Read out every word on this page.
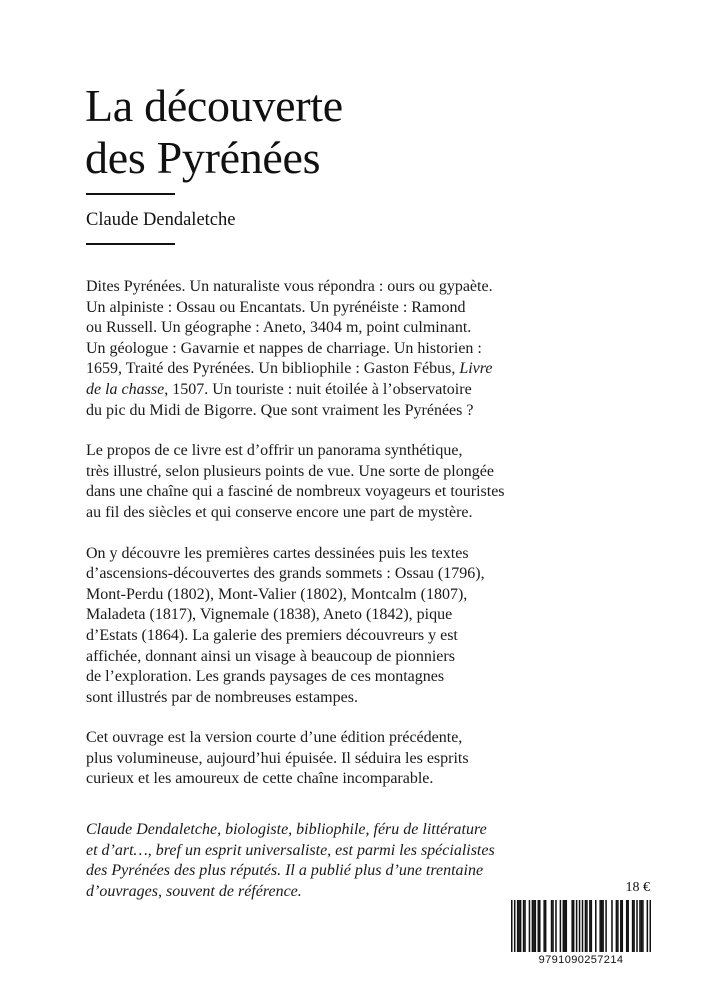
La découverte
des Pyrénées
Claude Dendaletche

Dites Pyrénées. Un naturaliste vous répondra : ours ou gypaète.
Un alpiniste : Ossau ou Encantats. Un pyrénéiste : Ramond
ou Russell. Un géographe : Aneto, 3404 m, point culminant.
Un géologue : Gavarnie et nappes de charriage. Un historien :
1659, Traité des Pyrénées. Un bibliophile : Gaston Fébus, Livre
de la chasse, 1507. Un touriste : nuit étoilée à l’observatoire
du pic du Midi de Bigorre. Que sont vraiment les Pyrénées ?

Le propos de ce livre est d’offrir un panorama synthétique,
très illustré, selon plusieurs points de vue. Une sorte de plongée
dans une chaîne qui a fasciné de nombreux voyageurs et touristes
au fil des siècles et qui conserve encore une part de mystère.

On y découvre les premières cartes dessinées puis les textes
d’ascensions-découvertes des grands sommets : Ossau (1796),
Mont-Perdu (1802), Mont-Valier (1802), Montcalm (1807),
Maladeta (1817), Vignemale (1838), Aneto (1842), pique
d’Estats (1864). La galerie des premiers découvreurs y est
affichée, donnant ainsi un visage à beaucoup de pionniers
de l’exploration. Les grands paysages de ces montagnes
sont illustrés par de nombreuses estampes.

Cet ouvrage est la version courte d’une édition précédente,
plus volumineuse, aujourd’hui épuisée. Il séduira les esprits
curieux et les amoureux de cette chaîne incomparable.

Claude Dendaletche, biologiste, bibliophile, féru de littérature
et d’art…, bref un esprit universaliste, est parmi les spécialistes
des Pyrénées des plus réputés. Il a publié plus d’une trentaine
d’ouvrages, souvent de référence.	18 €
9791090257214
